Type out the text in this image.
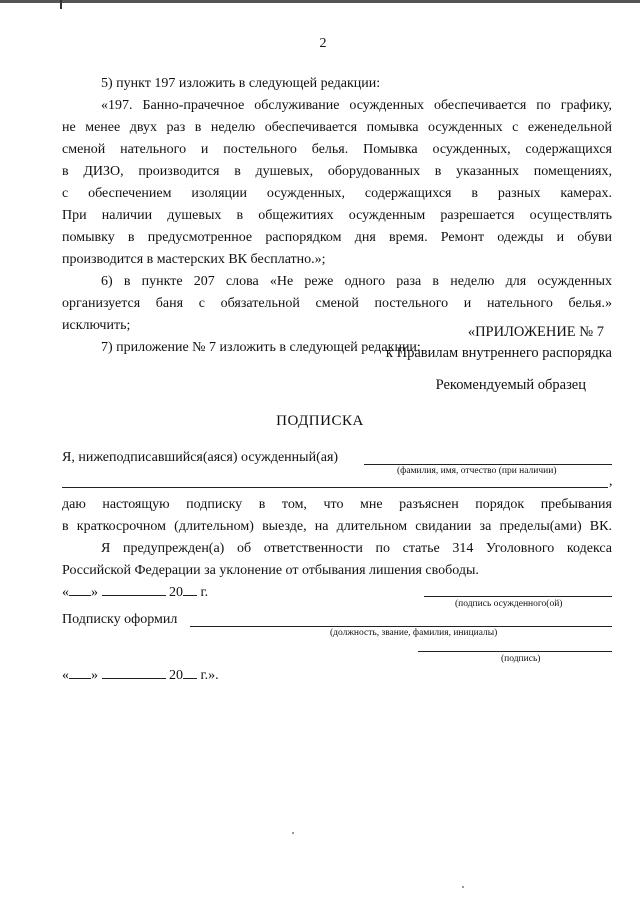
2
5) пункт 197 изложить в следующей редакции:
«197. Банно-прачечное обслуживание осужденных обеспечивается по графику,
не менее двух раз в неделю обеспечивается помывка осужденных с еженедельной
сменой нательного и постельного белья. Помывка осужденных, содержащихся
в ДИЗО, производится в душевых, оборудованных в указанных помещениях,
с обеспечением изоляции осужденных, содержащихся в разных камерах.
При наличии душевых в общежитиях осужденным разрешается осуществлять
помывку в предусмотренное распорядком дня время. Ремонт одежды и обуви
производится в мастерских ВК бесплатно.»;
6) в пункте 207 слова «Не реже одного раза в неделю для осужденных
организуется баня с обязательной сменой постельного и нательного белья.»
исключить;
7) приложение № 7 изложить в следующей редакции:
«ПРИЛОЖЕНИЕ № 7
к Правилам внутреннего распорядка
Рекомендуемый образец
ПОДПИСКА
Я, нижеподписавшийся(аяся) осужденный(ая)
(фамилия, имя, отчество (при наличии)
,
даю настоящую подписку в том, что мне разъяснен порядок пребывания
в краткосрочном (длительном) выезде, на длительном свидании за пределы(ами) ВК.
Я предупрежден(а) об ответственности по статье 314 Уголовного кодекса
Российской Федерации за уклонение от отбывания лишения свободы.
« »	20 г.
(подпись осужденного(ой)
Подписку оформил
(должность, звание, фамилия, инициалы)
(подпись)
« »	20 г.».
